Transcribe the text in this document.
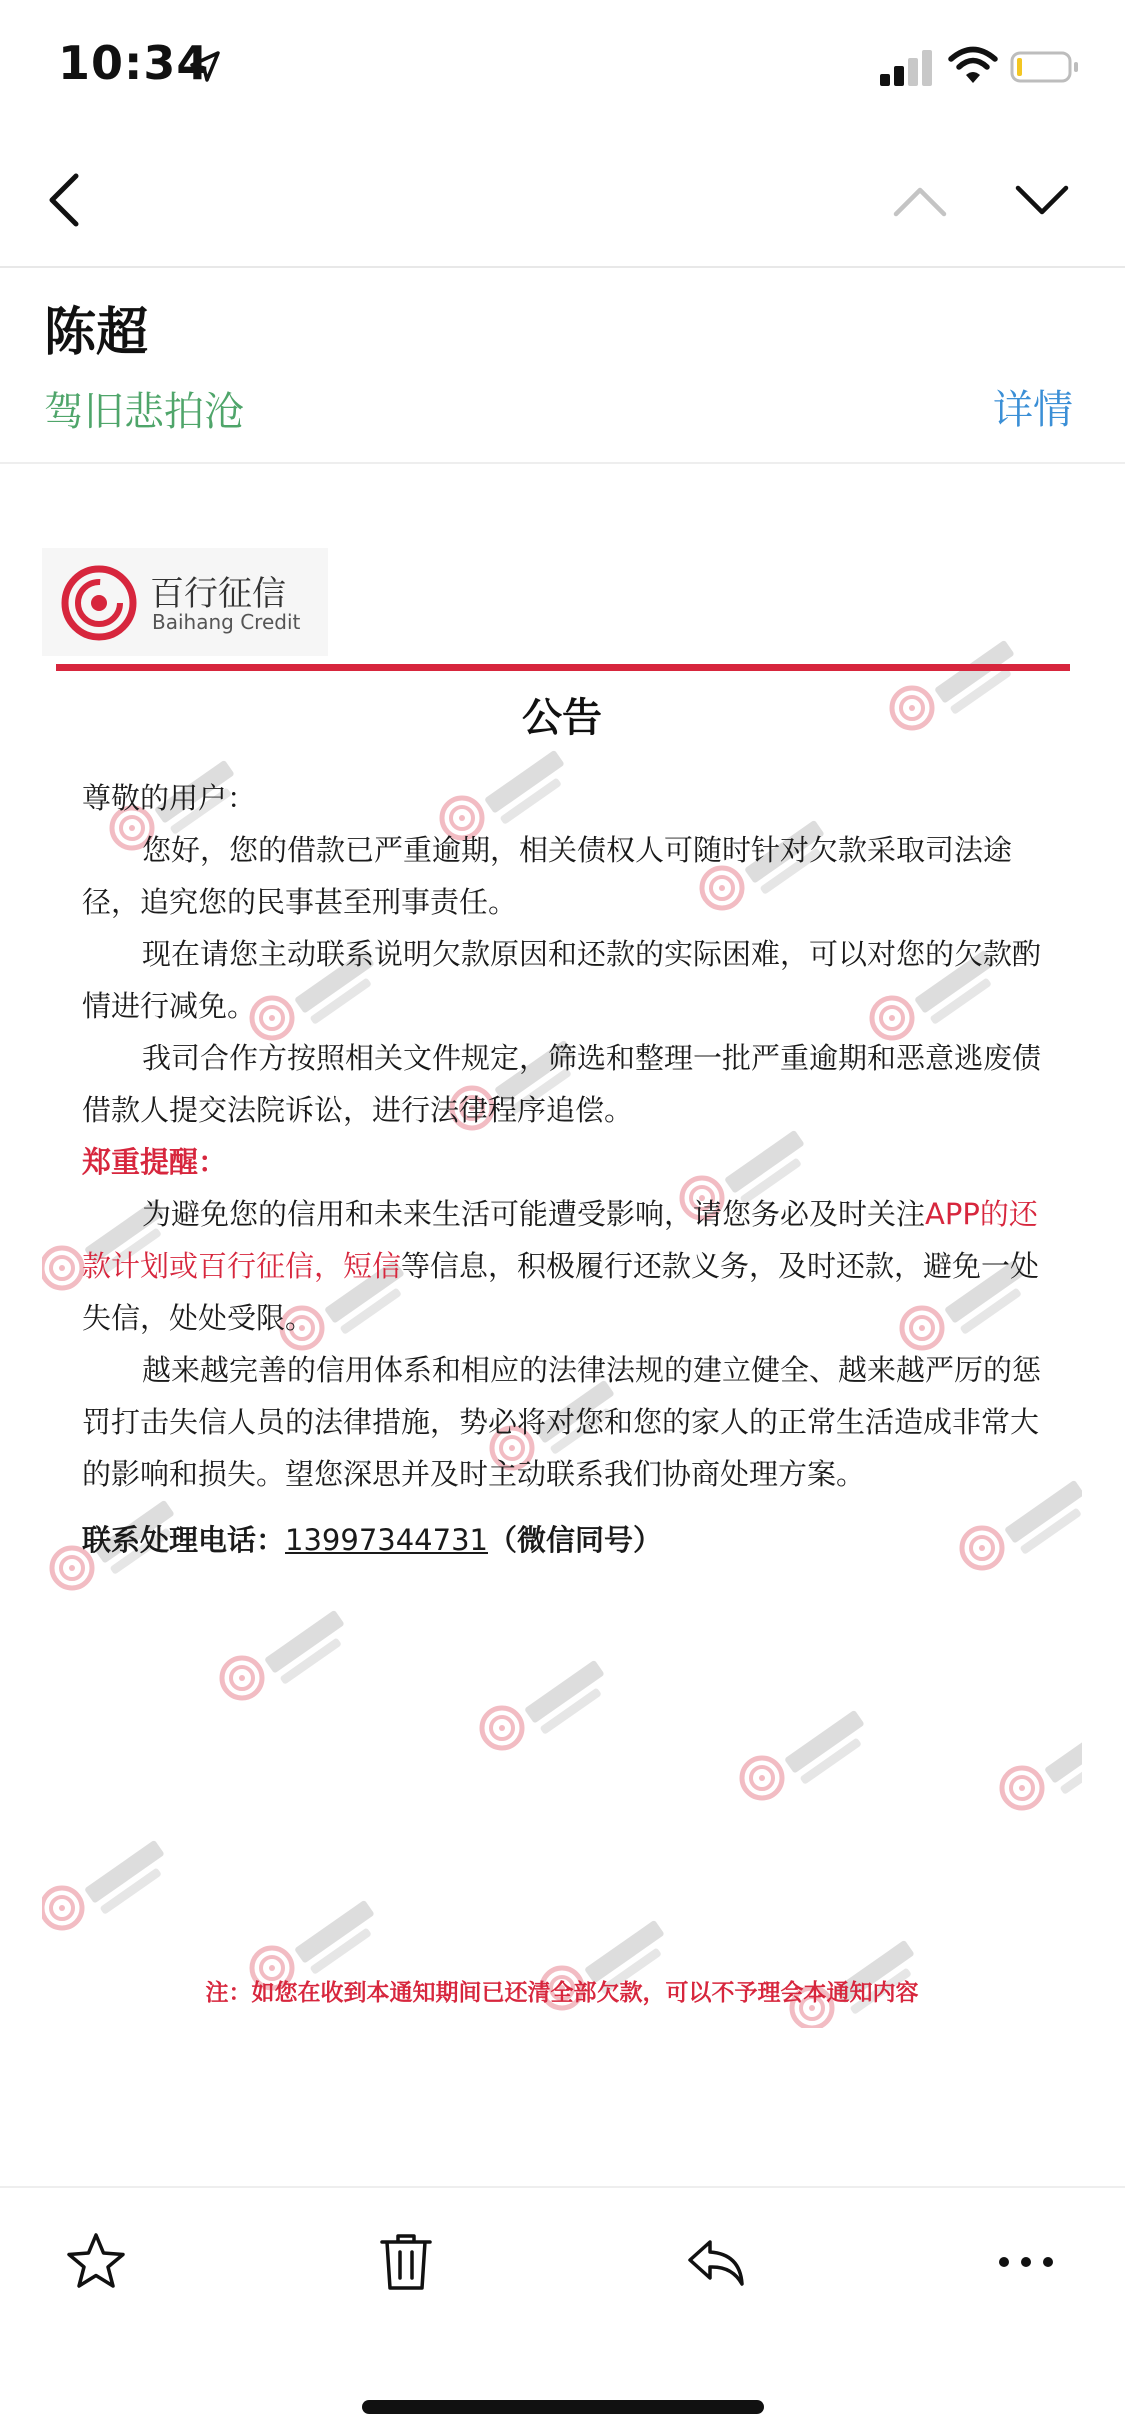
10:34
陈超
驾旧悲拍沧	详情
百行征信
Baihang Credit
公告

尊敬的用户：

您好，您的借款已严重逾期，相关债权人可随时针对欠款采取司法途径，追究您的民事甚至刑事责任。

现在请您主动联系说明欠款原因和还款的实际困难，可以对您的欠款酌情进行减免。

我司合作方按照相关文件规定，筛选和整理一批严重逾期和恶意逃废债借款人提交法院诉讼，进行法律程序追偿。

郑重提醒：

为避免您的信用和未来生活可能遭受影响，请您务必及时关注APP的还款计划或百行征信，短信等信息，积极履行还款义务，及时还款，避免一处失信，处处受限。

越来越完善的信用体系和相应的法律法规的建立健全、越来越严厉的惩罚打击失信人员的法律措施，势必将对您和您的家人的正常生活造成非常大的影响和损失。望您深思并及时主动联系我们协商处理方案。

联系处理电话：13997344731（微信同号）

注：如您在收到本通知期间已还清全部欠款，可以不予理会本通知内容
